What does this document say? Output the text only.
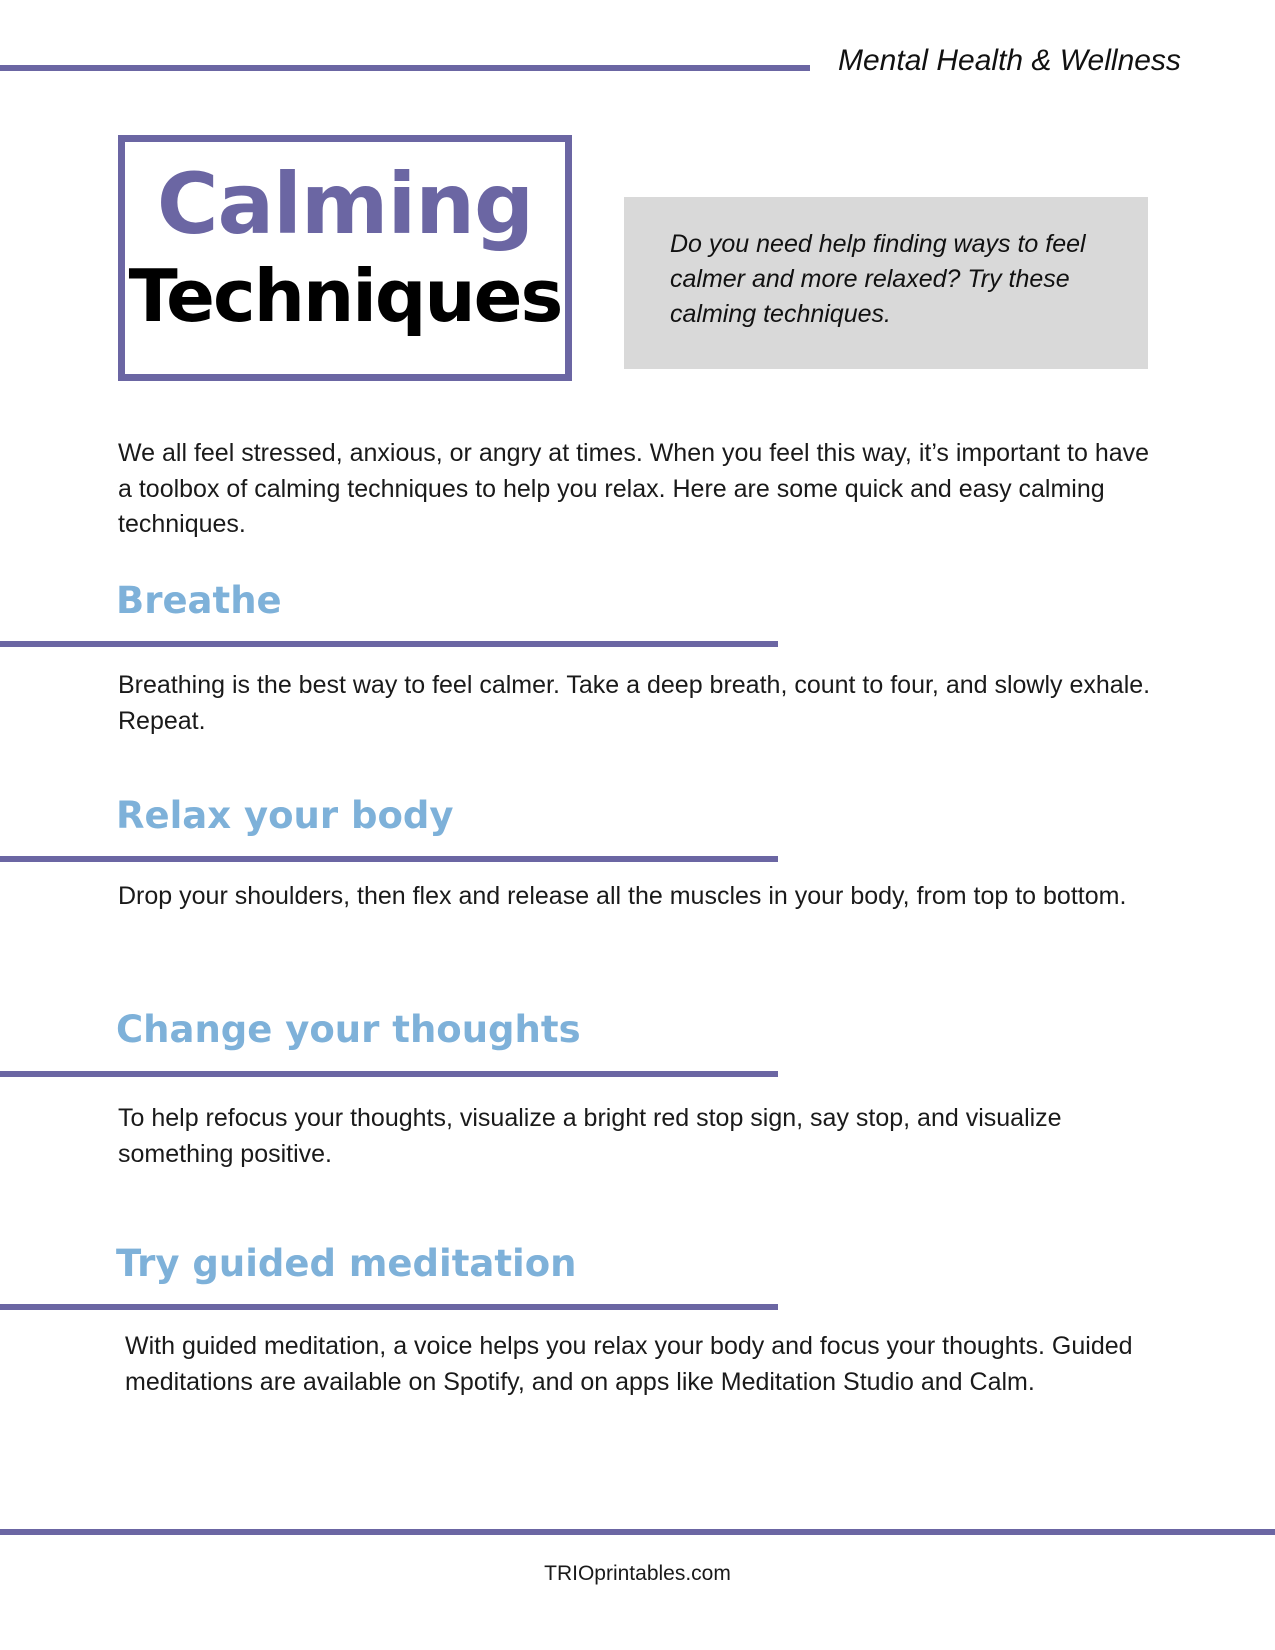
Mental Health & Wellness
Calming
Techniques
Do you need help finding ways to feel calmer and more relaxed? Try these calming techniques.
We all feel stressed, anxious, or angry at times. When you feel this way, it’s important to have a toolbox of calming techniques to help you relax. Here are some quick and easy calming techniques.
Breathe
Breathing is the best way to feel calmer. Take a deep breath, count to four, and slowly exhale. Repeat.
Relax your body
Drop your shoulders, then flex and release all the muscles in your body, from top to bottom.
Change your thoughts
To help refocus your thoughts, visualize a bright red stop sign, say stop, and visualize something positive.
Try guided meditation
With guided meditation, a voice helps you relax your body and focus your thoughts. Guided meditations are available on Spotify, and on apps like Meditation Studio and Calm.
TRIOprintables.com
